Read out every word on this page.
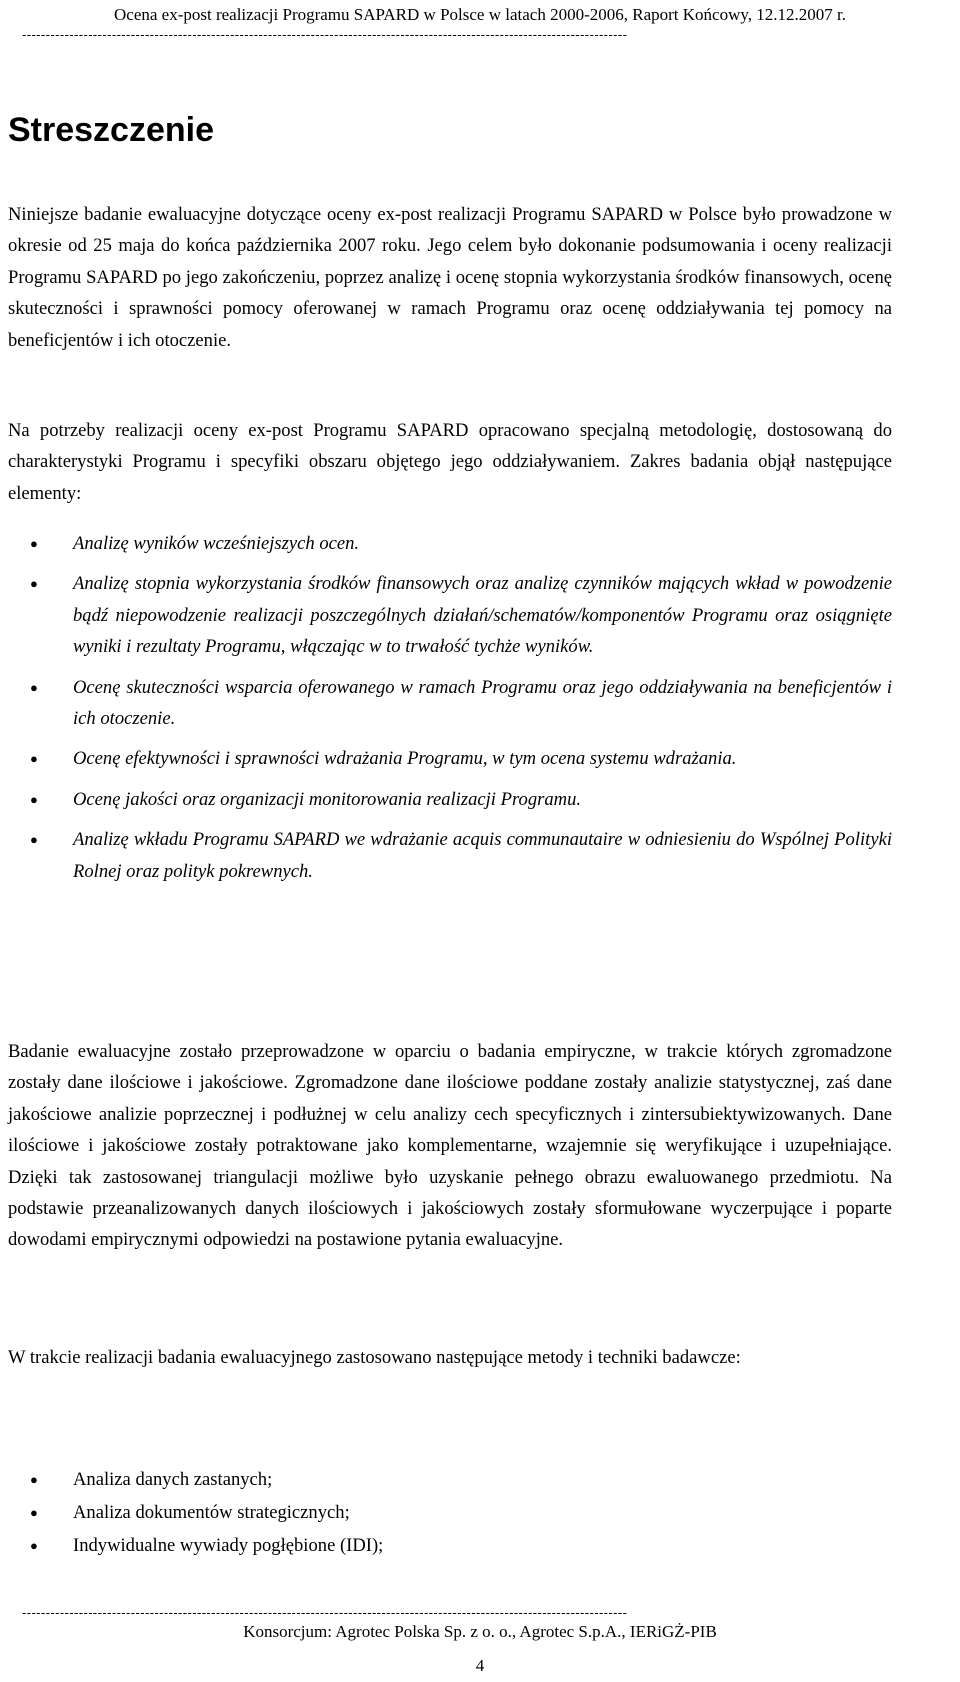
Ocena ex-post realizacji Programu SAPARD w Polsce w latach 2000-2006, Raport Końcowy, 12.12.2007 r.
--------------------------------------------------------------------------------------------------------------------------------
Streszczenie

Niniejsze badanie ewaluacyjne dotyczące oceny ex-post realizacji Programu SAPARD w Polsce było prowadzone w okresie od 25 maja do końca października 2007 roku. Jego celem było dokonanie podsumowania i oceny realizacji Programu SAPARD po jego zakończeniu, poprzez analizę i ocenę stopnia wykorzystania środków finansowych, ocenę skuteczności i sprawności pomocy oferowanej w ramach Programu oraz ocenę oddziaływania tej pomocy na beneficjentów i ich otoczenie.

Na potrzeby realizacji oceny ex-post Programu SAPARD opracowano specjalną metodologię, dostosowaną do charakterystyki Programu i specyfiki obszaru objętego jego oddziaływaniem. Zakres badania objął następujące elementy:

● Analizę wyników wcześniejszych ocen.
● Analizę stopnia wykorzystania środków finansowych oraz analizę czynników mających wkład w powodzenie bądź niepowodzenie realizacji poszczególnych działań/schematów/komponentów Programu oraz osiągnięte wyniki i rezultaty Programu, włączając w to trwałość tychże wyników.
● Ocenę skuteczności wsparcia oferowanego w ramach Programu oraz jego oddziaływania na beneficjentów i ich otoczenie.
● Ocenę efektywności i sprawności wdrażania Programu, w tym ocena systemu wdrażania.
● Ocenę jakości oraz organizacji monitorowania realizacji Programu.
● Analizę wkładu Programu SAPARD we wdrażanie acquis communautaire w odniesieniu do Wspólnej Polityki Rolnej oraz polityk pokrewnych.

Badanie ewaluacyjne zostało przeprowadzone w oparciu o badania empiryczne, w trakcie których zgromadzone zostały dane ilościowe i jakościowe. Zgromadzone dane ilościowe poddane zostały analizie statystycznej, zaś dane jakościowe analizie poprzecznej i podłużnej w celu analizy cech specyficznych i zintersubiektywizowanych. Dane ilościowe i jakościowe zostały potraktowane jako komplementarne, wzajemnie się weryfikujące i uzupełniające. Dzięki tak zastosowanej triangulacji możliwe było uzyskanie pełnego obrazu ewaluowanego przedmiotu. Na podstawie przeanalizowanych danych ilościowych i jakościowych zostały sformułowane wyczerpujące i poparte dowodami empirycznymi odpowiedzi na postawione pytania ewaluacyjne.

W trakcie realizacji badania ewaluacyjnego zastosowano następujące metody i techniki badawcze:

● Analiza danych zastanych;
● Analiza dokumentów strategicznych;
● Indywidualne wywiady pogłębione (IDI);
--------------------------------------------------------------------------------------------------------------------------------
Konsorcjum: Agrotec Polska Sp. z o. o., Agrotec S.p.A., IERiGŻ-PIB
4
